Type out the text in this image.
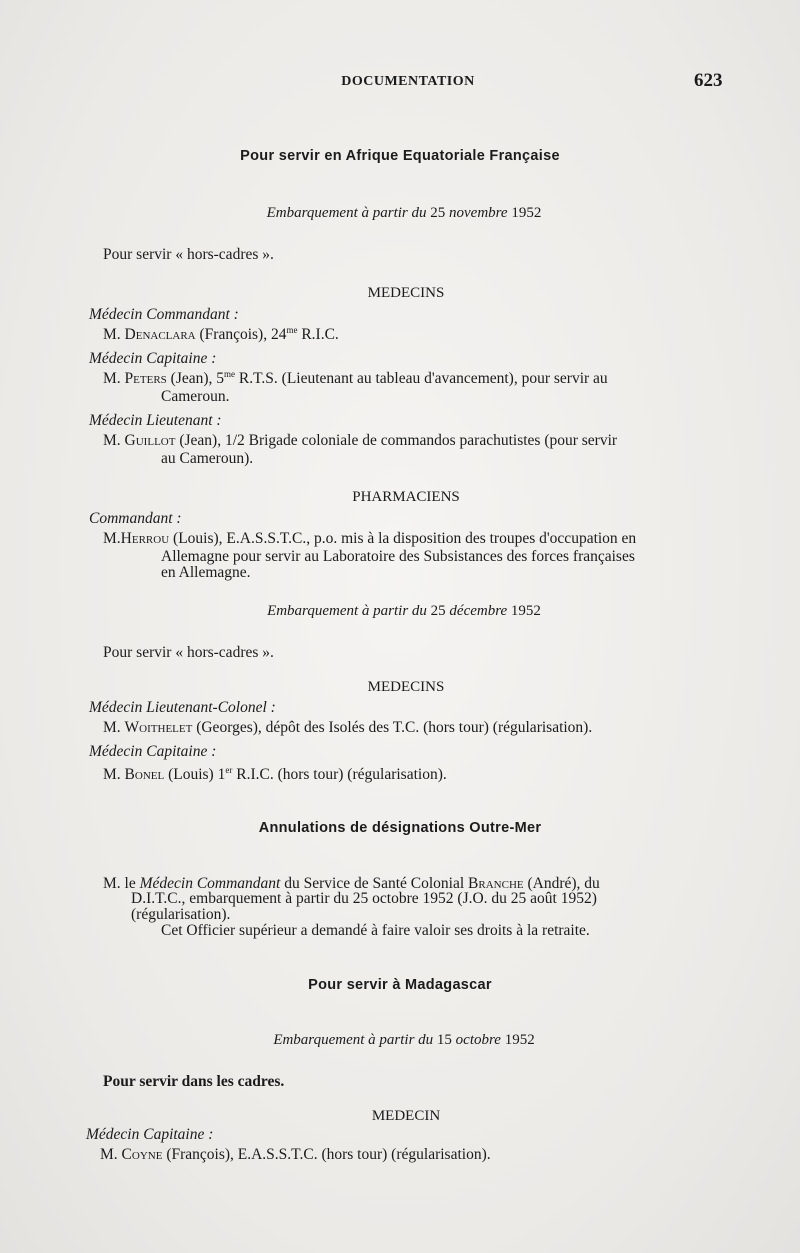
DOCUMENTATION	623
Pour servir en Afrique Equatoriale Française
Embarquement à partir du 25 novembre 1952
Pour servir « hors-cadres ».
MEDECINS
Médecin Commandant :
M. Denaclara (François), $24^{me}$ R.I.C.
Médecin Capitaine :
M. Peters (Jean), $5^{me}$ R.T.S. (Lieutenant au tableau d'avancement), pour servir au
Cameroun.
Médecin Lieutenant :
M. Guillot (Jean), 1/2 Brigade coloniale de commandos parachutistes (pour servir
au Cameroun).
PHARMACIENS
Commandant :
M.Herrou (Louis), E.A.S.S.T.C., p.o. mis à la disposition des troupes d'occupation en
Allemagne pour servir au Laboratoire des Subsistances des forces françaises
en Allemagne.
Embarquement à partir du 25 décembre 1952
Pour servir « hors-cadres ».
MEDECINS
Médecin Lieutenant-Colonel :
M. Woithelet (Georges), dépôt des Isolés des T.C. (hors tour) (régularisation).
Médecin Capitaine :
M. Bonel (Louis) 1er R.I.C. (hors tour) (régularisation).
Annulations de désignations Outre-Mer
M. le Médecin Commandant du Service de Santé Colonial Branche (André), du
D.I.T.C., embarquement à partir du 25 octobre 1952 (J.O. du 25 août 1952)
(régularisation).
Cet Officier supérieur a demandé à faire valoir ses droits à la retraite.
Pour servir à Madagascar
Embarquement à partir du 15 octobre 1952
Pour servir dans les cadres.
MEDECIN
Médecin Capitaine :
M. Coyne (François), E.A.S.S.T.C. (hors tour) (régularisation).
